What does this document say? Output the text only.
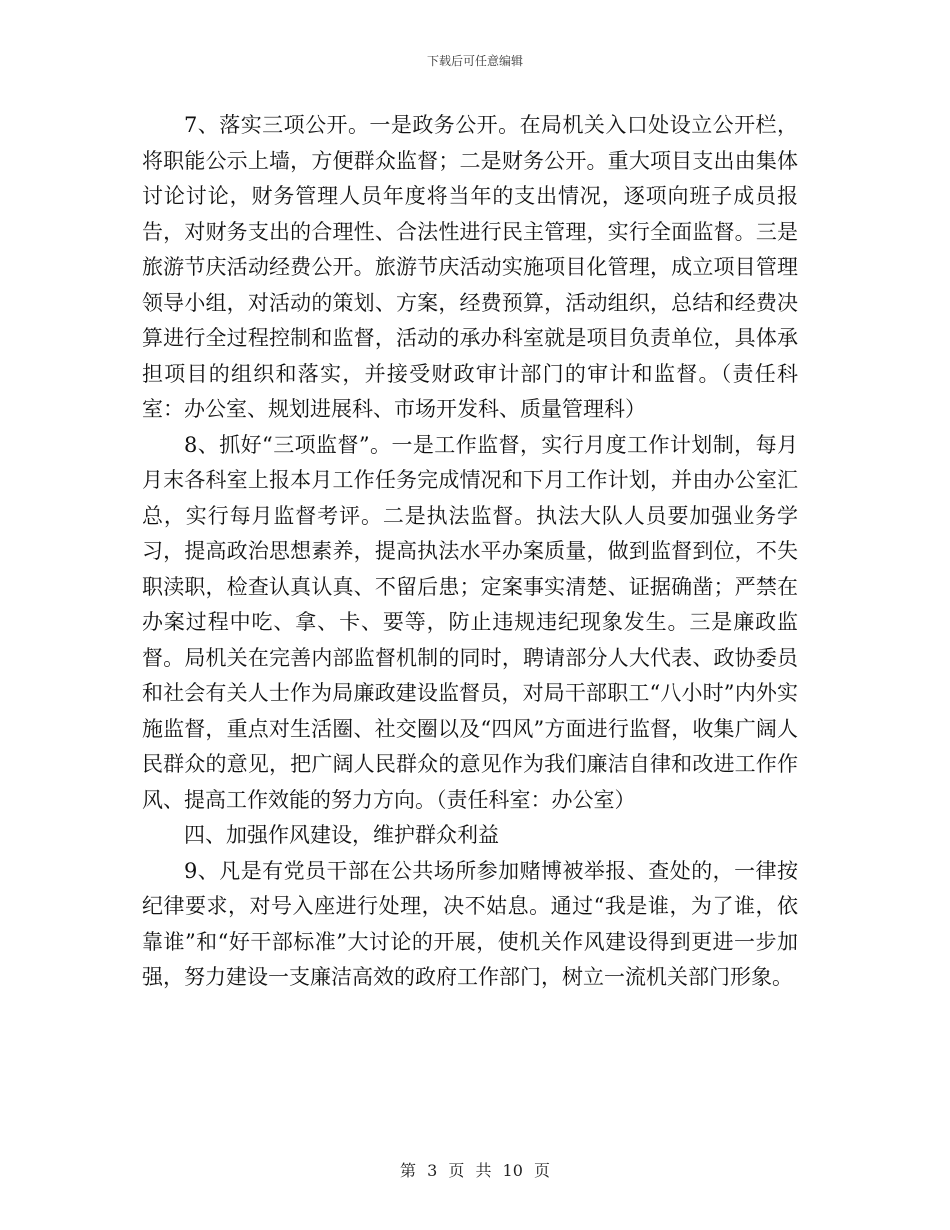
下载后可任意编辑

7、落实三项公开。一是政务公开。在局机关入口处设立公开栏，将职能公示上墙，方便群众监督；二是财务公开。重大项目支出由集体讨论讨论，财务管理人员年度将当年的支出情况，逐项向班子成员报告，对财务支出的合理性、合法性进行民主管理，实行全面监督。三是旅游节庆活动经费公开。旅游节庆活动实施项目化管理，成立项目管理领导小组，对活动的策划、方案，经费预算，活动组织，总结和经费决算进行全过程控制和监督，活动的承办科室就是项目负责单位，具体承担项目的组织和落实，并接受财政审计部门的审计和监督。（责任科室：办公室、规划进展科、市场开发科、质量管理科）

8、抓好“三项监督”。一是工作监督，实行月度工作计划制，每月月末各科室上报本月工作任务完成情况和下月工作计划，并由办公室汇总，实行每月监督考评。二是执法监督。执法大队人员要加强业务学习，提高政治思想素养，提高执法水平办案质量，做到监督到位，不失职渎职，检查认真认真、不留后患；定案事实清楚、证据确凿；严禁在办案过程中吃、拿、卡、要等，防止违规违纪现象发生。三是廉政监督。局机关在完善内部监督机制的同时，聘请部分人大代表、政协委员和社会有关人士作为局廉政建设监督员，对局干部职工“八小时”内外实施监督，重点对生活圈、社交圈以及“四风”方面进行监督，收集广阔人民群众的意见，把广阔人民群众的意见作为我们廉洁自律和改进工作作风、提高工作效能的努力方向。（责任科室：办公室）

四、加强作风建设，维护群众利益

9、凡是有党员干部在公共场所参加赌博被举报、查处的，一律按纪律要求，对号入座进行处理，决不姑息。通过“我是谁，为了谁，依靠谁”和“好干部标准”大讨论的开展，使机关作风建设得到更进一步加强，努力建设一支廉洁高效的政府工作部门，树立一流机关部门形象。

第 3 页 共 10 页
